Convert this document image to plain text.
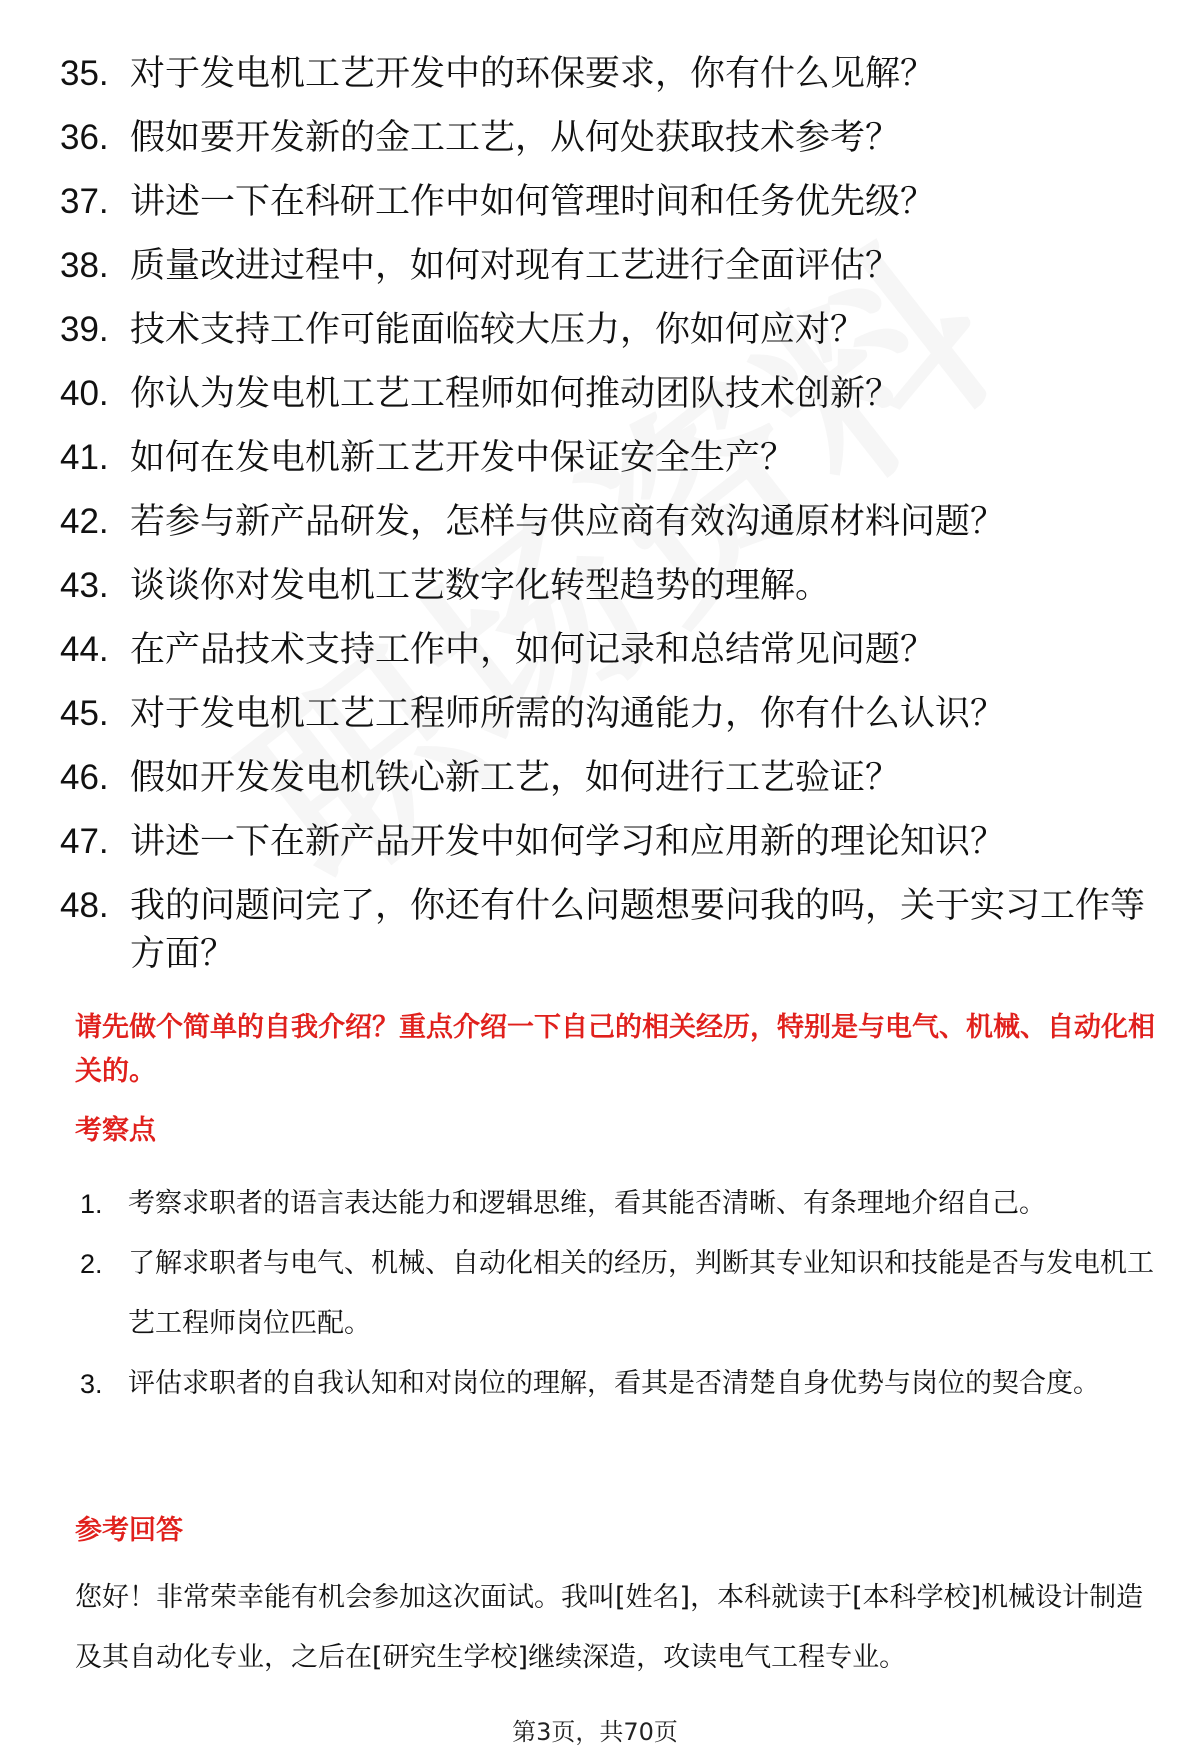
35. 对于发电机工艺开发中的环保要求，你有什么见解？
36. 假如要开发新的金工工艺，从何处获取技术参考？
37. 讲述一下在科研工作中如何管理时间和任务优先级？
38. 质量改进过程中，如何对现有工艺进行全面评估？
39. 技术支持工作可能面临较大压力，你如何应对？
40. 你认为发电机工艺工程师如何推动团队技术创新？
41. 如何在发电机新工艺开发中保证安全生产？
42. 若参与新产品研发，怎样与供应商有效沟通原材料问题？
43. 谈谈你对发电机工艺数字化转型趋势的理解。
44. 在产品技术支持工作中，如何记录和总结常见问题？
45. 对于发电机工艺工程师所需的沟通能力，你有什么认识？
46. 假如开发发电机铁心新工艺，如何进行工艺验证？
47. 讲述一下在新产品开发中如何学习和应用新的理论知识？
48. 我的问题问完了，你还有什么问题想要问我的吗，关于实习工作等方面？

请先做个简单的自我介绍？重点介绍一下自己的相关经历，特别是与电气、机械、自动化相关的。

考察点

1. 考察求职者的语言表达能力和逻辑思维，看其能否清晰、有条理地介绍自己。
2. 了解求职者与电气、机械、自动化相关的经历，判断其专业知识和技能是否与发电机工艺工程师岗位匹配。
3. 评估求职者的自我认知和对岗位的理解，看其是否清楚自身优势与岗位的契合度。

参考回答

您好！非常荣幸能有机会参加这次面试。我叫[姓名]，本科就读于[本科学校]机械设计制造及其自动化专业，之后在[研究生学校]继续深造，攻读电气工程专业。

第3页，共70页
